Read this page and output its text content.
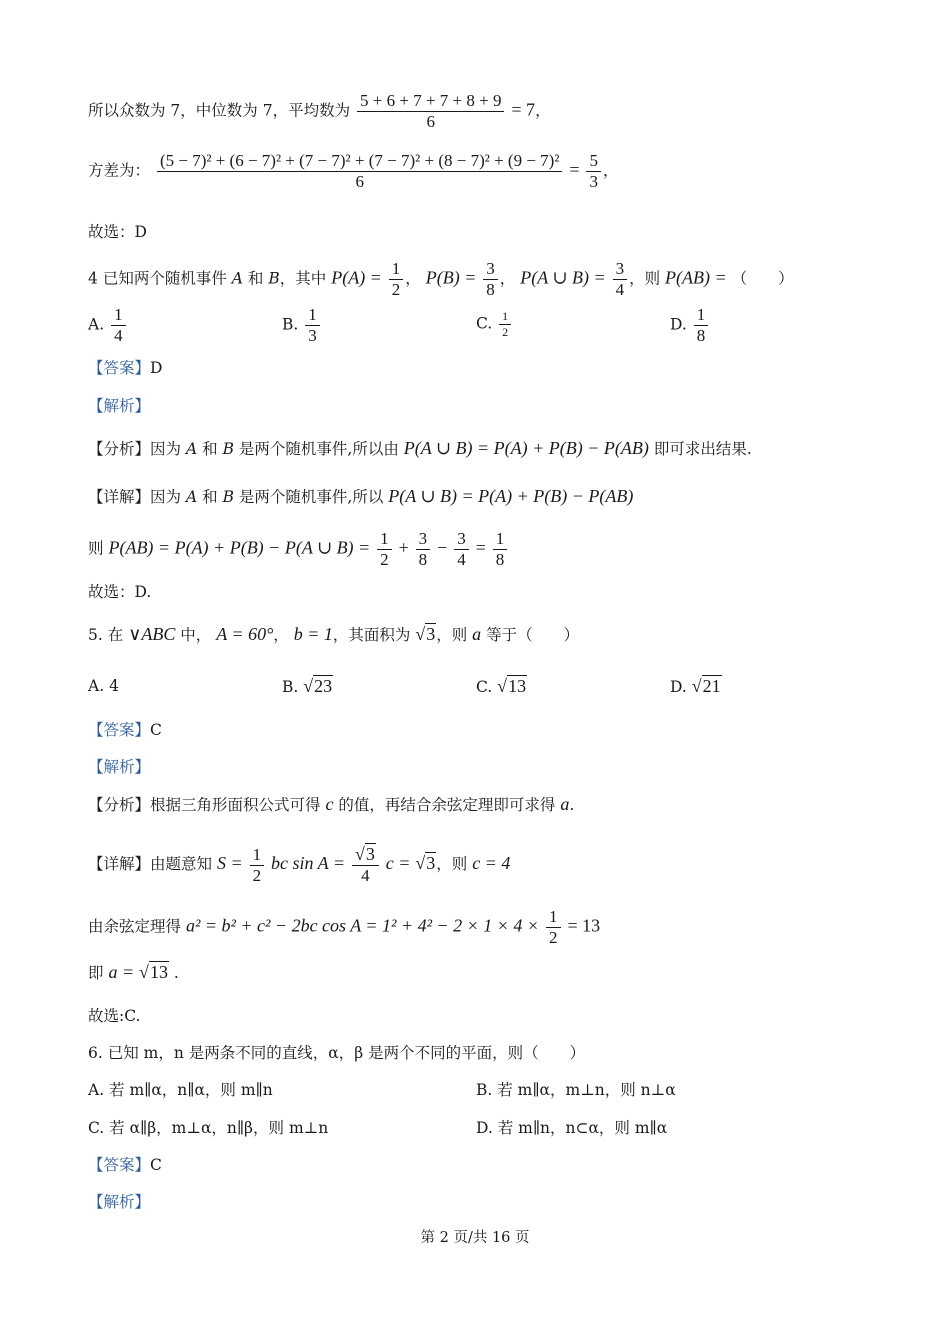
所以众数为 7，中位数为 7，平均数为 $\frac{5 + 6 + 7 + 7 + 8 + 9}{6} = 7$，
方差为：
(5 − 7)² + (6 − 7)² + (7 − 7)² + (7 − 7)² + (8 − 7)² + (9 − 7)²
6
= $\frac{5}{3}$ ，
故选：D
4 已知两个随机事件 A 和 B，其中 $P(A) = \frac{1}{2}$ ， $P(B) = \frac{3}{8}$ ， P(A ∪ $B) = \frac{3}{4}$ ，则 P(AB) = （　　）
A. $\frac{1}{4}$	B. $\frac{1}{3}$	C. $\frac{1}{2}$	D. $\frac{1}{8}$
【答案】D
【解析】
【分析】因为 A 和 B 是两个随机事件,所以由 P(A ∪ B) = P(A) + P(B) − P(AB) 即可求出结果.
【详解】因为 A 和 B 是两个随机事件,所以 P(A ∪ B) = P(A) + P(B) − P(AB)
则 P(AB) = P(A) + P(B) − P(A ∪ $B) = \frac{1}{2} + \frac{3}{8} - \frac{3}{4} = \frac{1}{8}$
故选：D.
5. 在 ∨ABC 中， A = 60°， b = 1，其面积为 √3，则 a 等于（　　）
A. 4	B. √23	C. √13	D. √21
【答案】C
【解析】
【分析】根据三角形面积公式可得 c 的值，再结合余弦定理即可求得 a.
【详解】由题意知 $S = \frac{1}{2}$ bc $\sin A = \frac{√3}{4}$ c = √3，则 c = 4
由余弦定理得 a² = b² + c² − 2bc $\cos A = 1^2 + 4^2 - 2 \times 1 \times 4 \times \frac{1}{2} = 13$
即 a = √13 .
故选:C.
6. 已知 m，n 是两条不同的直线，α，β 是两个不同的平面，则（　　）
A. 若 m∥α，n∥α，则 m∥n	B. 若 m∥α，m⊥n，则 n⊥α
C. 若 α∥β，m⊥α，n∥β，则 m⊥n	D. 若 m∥n，n⊂α，则 m∥α
【答案】C
【解析】
第 2 页/共 16 页
